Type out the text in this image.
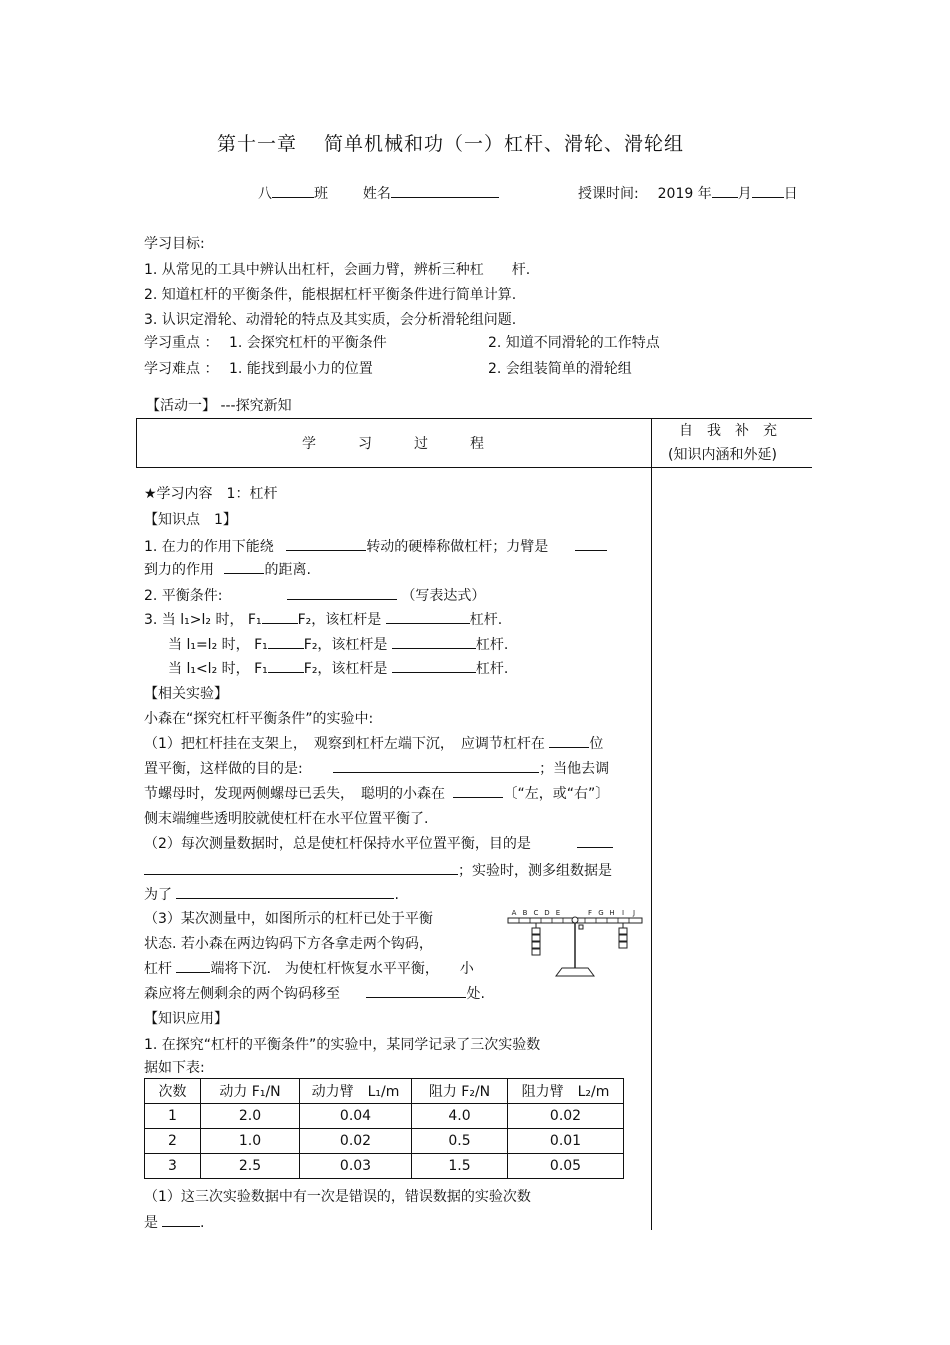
第十一章　 简单机械和功（一）杠杆、滑轮、滑轮组
八	班 姓名	授课时间: 2019 年 月 日
学习目标:
1. 从常见的工具中辨认出杠杆，会画力臂，辨析三种杠　　杆.
2. 知道杠杆的平衡条件，能根据杠杆平衡条件进行简单计算.
3. 认识定滑轮、动滑轮的特点及其实质，会分析滑轮组问题.
学习重点 ： 1. 会探究杠杆的平衡条件	2. 知道不同滑轮的工作特点
学习难点 ： 1. 能找到最小力的位置	2. 会组装简单的滑轮组
【活动一】 ---探究新知
学　　　习　　　过　　　程
自　我　补　充
(知识内涵和外延)
★学习内容　1：杠杆
【知识点　1】
1. 在力的作用下能绕	转动的硬棒称做杠杆；力臂是
到力的作用	的距离.
2. 平衡条件:	（写表达式）
3. 当 l₁>l₂ 时， F₁	F₂，该杠杆是	杠杆.
当 l₁=l₂ 时， F₁	F₂，该杠杆是	杠杆.
当 l₁<l₂ 时， F₁	F₂，该杠杆是	杠杆.
【相关实验】
小森在“探究杠杆平衡条件”的实验中:
（1）把杠杆挂在支架上，　观察到杠杆左端下沉，　应调节杠杆在	位
置平衡，这样做的目的是:	；当他去调
节螺母时，发现两侧螺母已丢失，　聪明的小森在	〔“左，或“右”〕
侧末端缠些透明胶就使杠杆在水平位置平衡了.
（2）每次测量数据时，总是使杠杆保持水平位置平衡，目的是
；实验时，测多组数据是
为了	.
（3）某次测量中，如图所示的杠杆已处于平衡
状态. 若小森在两边钩码下方各拿走两个钩码，
杠杆	端将下沉.　为使杠杆恢复水平平衡，　　小
森应将左侧剩余的两个钩码移至	处.
A B C D E	F G H I J
【知识应用】
1. 在探究“杠杆的平衡条件”的实验中，某同学记录了三次实验数
据如下表:
次数	动力 F₁/N	动力臂　L₁/m	阻力 F₂/N	阻力臂　L₂/m
1	2.0	0.04	4.0	0.02
2	1.0	0.02	0.5	0.01
3	2.5	0.03	1.5	0.05
（1）这三次实验数据中有一次是错误的，错误数据的实验次数
是	.
